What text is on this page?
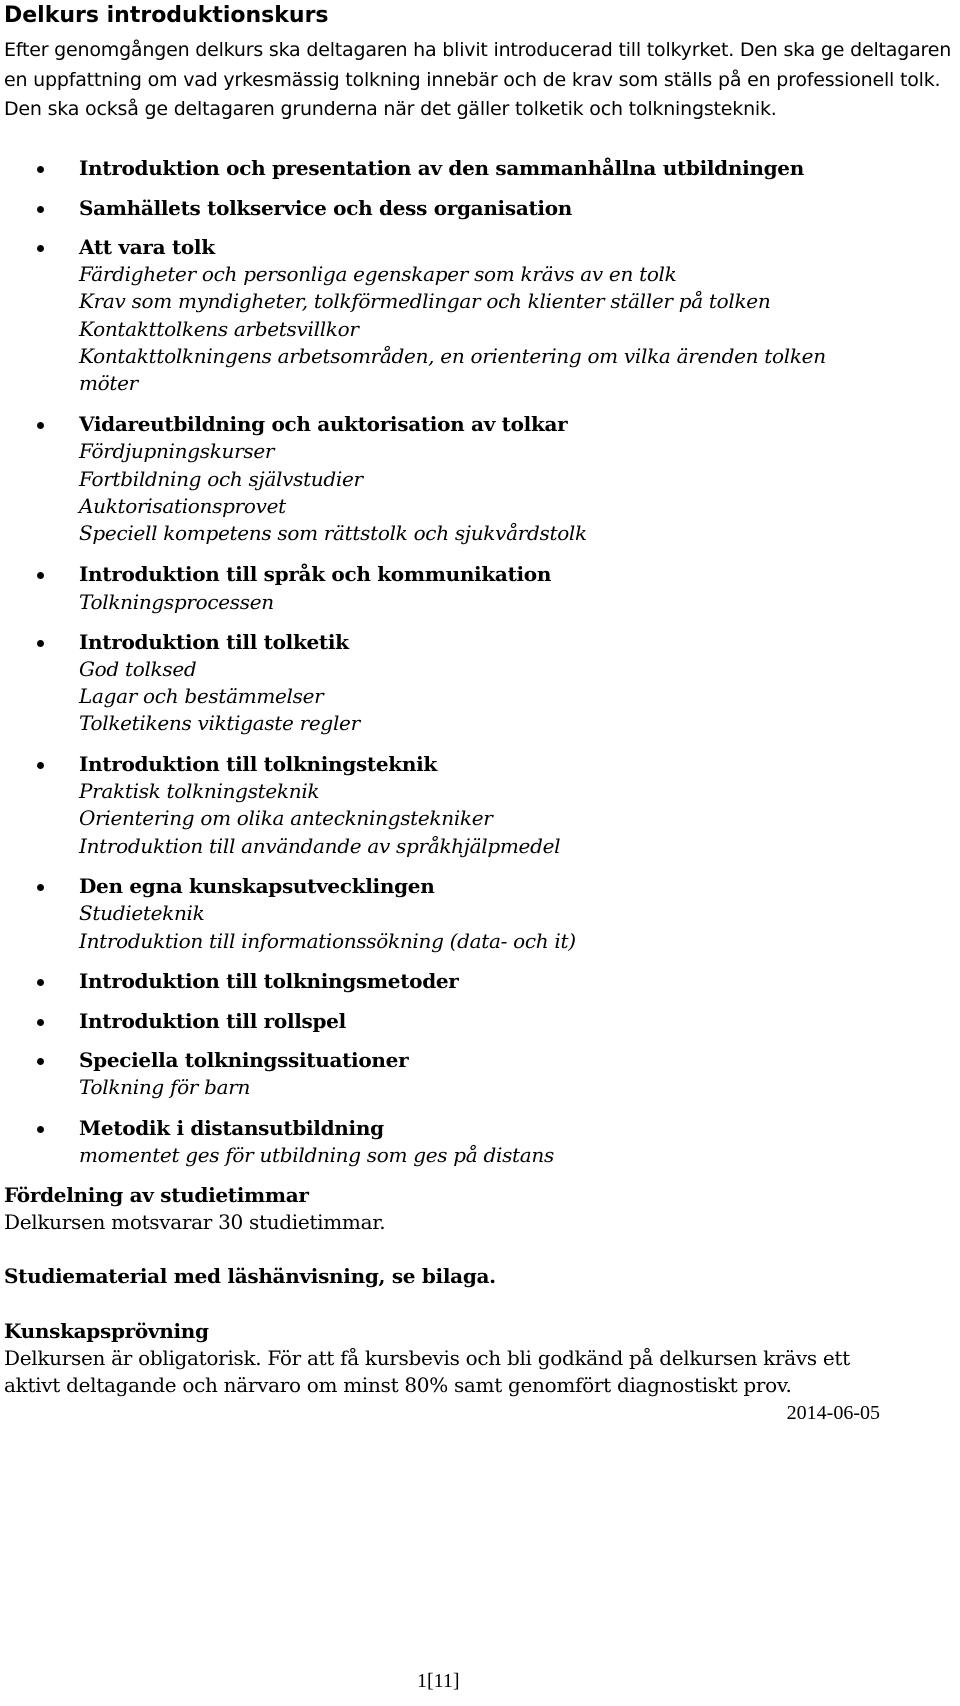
Delkurs introduktionskurs

Efter genomgången delkurs ska deltagaren ha blivit introducerad till tolkyrket. Den ska ge deltagaren en uppfattning om vad yrkesmässig tolkning innebär och de krav som ställs på en professionell tolk. Den ska också ge deltagaren grunderna när det gäller tolketik och tolkningsteknik.

Introduktion och presentation av den sammanhållna utbildningen
Samhällets tolkservice och dess organisation
Att vara tolk
Färdigheter och personliga egenskaper som krävs av en tolk
Krav som myndigheter, tolkförmedlingar och klienter ställer på tolken
Kontakttolkens arbetsvillkor
Kontakttolkningens arbetsområden, en orientering om vilka ärenden tolken
möter
Vidareutbildning och auktorisation av tolkar
Fördjupningskurser
Fortbildning och självstudier
Auktorisationsprovet
Speciell kompetens som rättstolk och sjukvårdstolk
Introduktion till språk och kommunikation
Tolkningsprocessen
Introduktion till tolketik
God tolksed
Lagar och bestämmelser
Tolketikens viktigaste regler
Introduktion till tolkningsteknik
Praktisk tolkningsteknik
Orientering om olika anteckningstekniker
Introduktion till användande av språkhjälpmedel
Den egna kunskapsutvecklingen
Studieteknik
Introduktion till informationssökning (data- och it)
Introduktion till tolkningsmetoder
Introduktion till rollspel
Speciella tolkningssituationer
Tolkning för barn
Metodik i distansutbildning
momentet ges för utbildning som ges på distans
Fördelning av studietimmar
Delkursen motsvarar 30 studietimmar.
Studiematerial med läshänvisning, se bilaga.
Kunskapsprövning
Delkursen är obligatorisk. För att få kursbevis och bli godkänd på delkursen krävs ett
aktivt deltagande och närvaro om minst 80% samt genomfört diagnostiskt prov.
2014-06-05
1[11]
